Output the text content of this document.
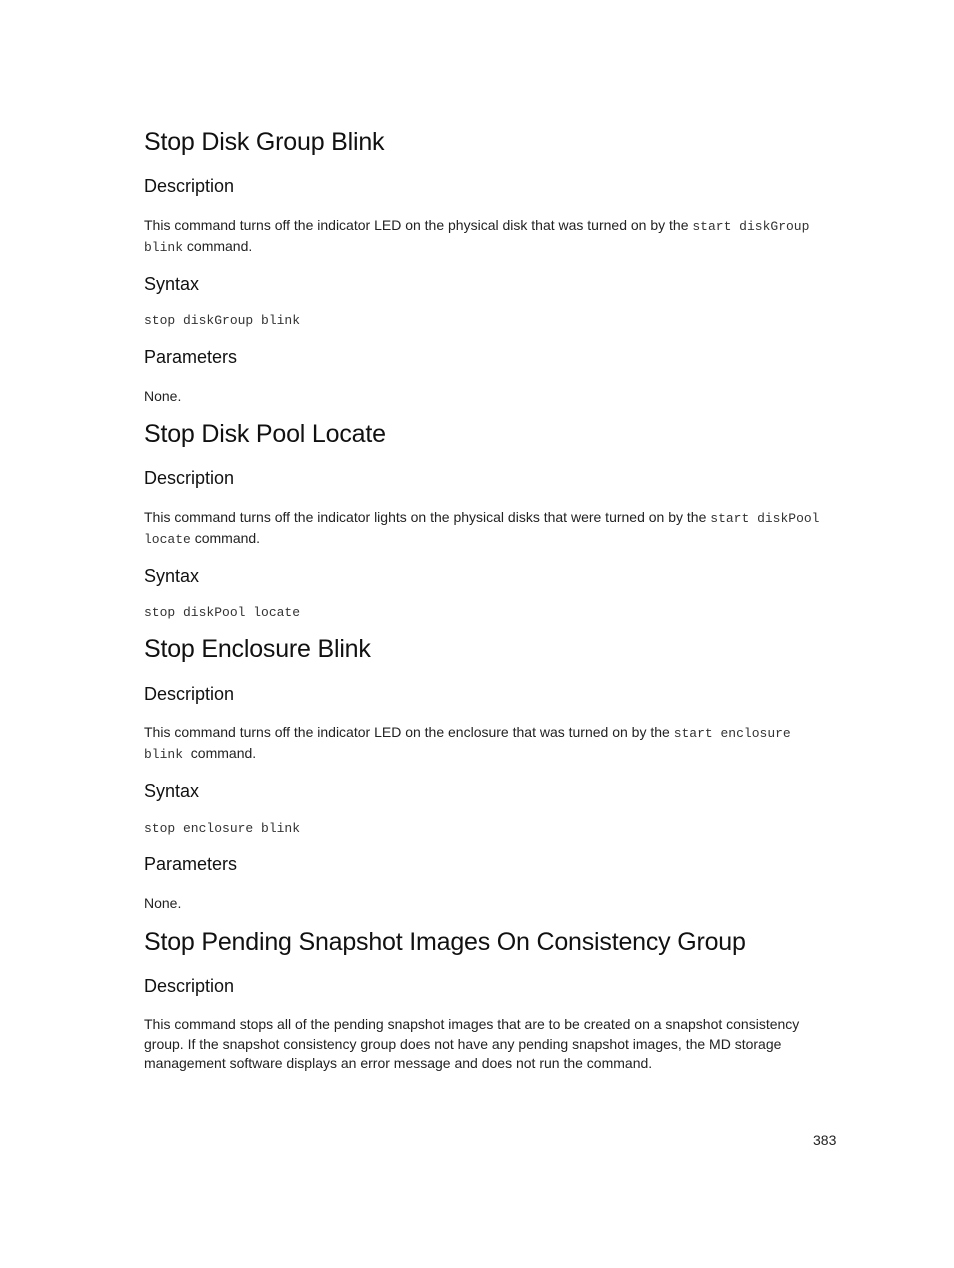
Stop Disk Group Blink
Description

This command turns off the indicator LED on the physical disk that was turned on by the start diskGroup blink command.

Syntax
stop diskGroup blink
Parameters

None.

Stop Disk Pool Locate
Description

This command turns off the indicator lights on the physical disks that were turned on by the start diskPool locate command.

Syntax
stop diskPool locate
Stop Enclosure Blink
Description

This command turns off the indicator LED on the enclosure that was turned on by the start enclosure blink  command.

Syntax
stop enclosure blink
Parameters

None.

Stop Pending Snapshot Images On Consistency Group
Description

This command stops all of the pending snapshot images that are to be created on a snapshot consistency group. If the snapshot consistency group does not have any pending snapshot images, the MD storage management software displays an error message and does not run the command.

383
